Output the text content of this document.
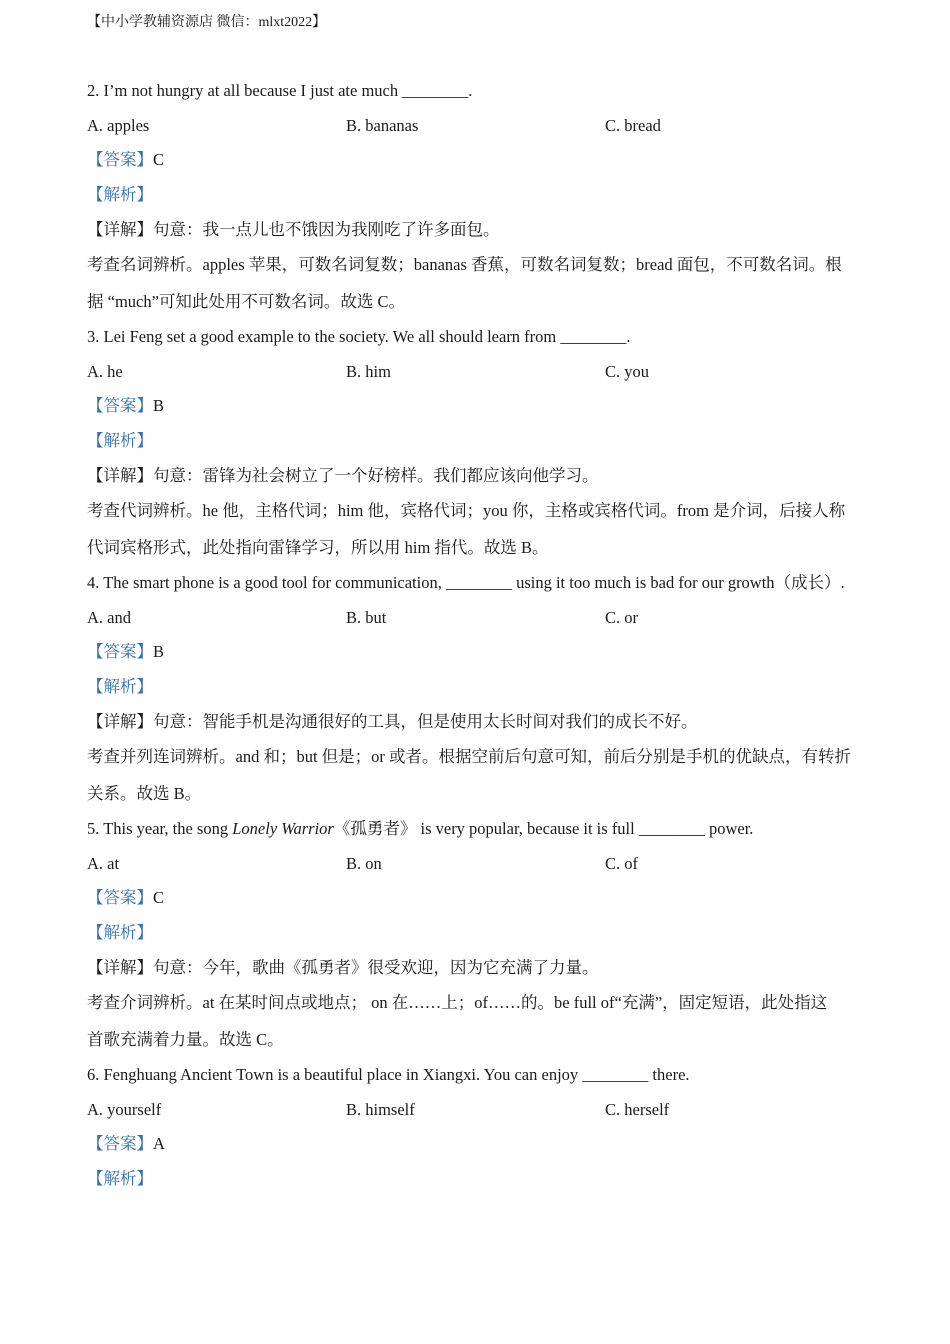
【中小学教辅资源店 微信：mlxt2022】
2. I’m not hungry at all because I just ate much ________.
A. apples	B. bananas	C. bread
【答案】C
【解析】
【详解】句意：我一点儿也不饿因为我刚吃了许多面包。
考查名词辨析。apples 苹果，可数名词复数；bananas 香蕉，可数名词复数；bread 面包，不可数名词。根
据 “much”可知此处用不可数名词。故选 C。
3. Lei Feng set a good example to the society. We all should learn from ________.
A. he	B. him	C. you
【答案】B
【解析】
【详解】句意：雷锋为社会树立了一个好榜样。我们都应该向他学习。
考查代词辨析。he 他，主格代词；him 他，宾格代词；you 你，主格或宾格代词。from 是介词，后接人称
代词宾格形式，此处指向雷锋学习，所以用 him 指代。故选 B。
4. The smart phone is a good tool for communication, ________ using it too much is bad for our growth（成长）.
A. and	B. but	C. or
【答案】B
【解析】
【详解】句意：智能手机是沟通很好的工具，但是使用太长时间对我们的成长不好。
考查并列连词辨析。and 和；but 但是；or 或者。根据空前后句意可知，前后分别是手机的优缺点，有转折
关系。故选 B。
5. This year, the song Lonely Warrior《孤勇者》 is very popular, because it is full ________ power.
A. at	B. on	C. of
【答案】C
【解析】
【详解】句意：今年，歌曲《孤勇者》很受欢迎，因为它充满了力量。
考查介词辨析。at 在某时间点或地点； on 在……上；of……的。be full of“充满”，固定短语，此处指这
首歌充满着力量。故选 C。
6. Fenghuang Ancient Town is a beautiful place in Xiangxi. You can enjoy ________ there.
A. yourself	B. himself	C. herself
【答案】A
【解析】
